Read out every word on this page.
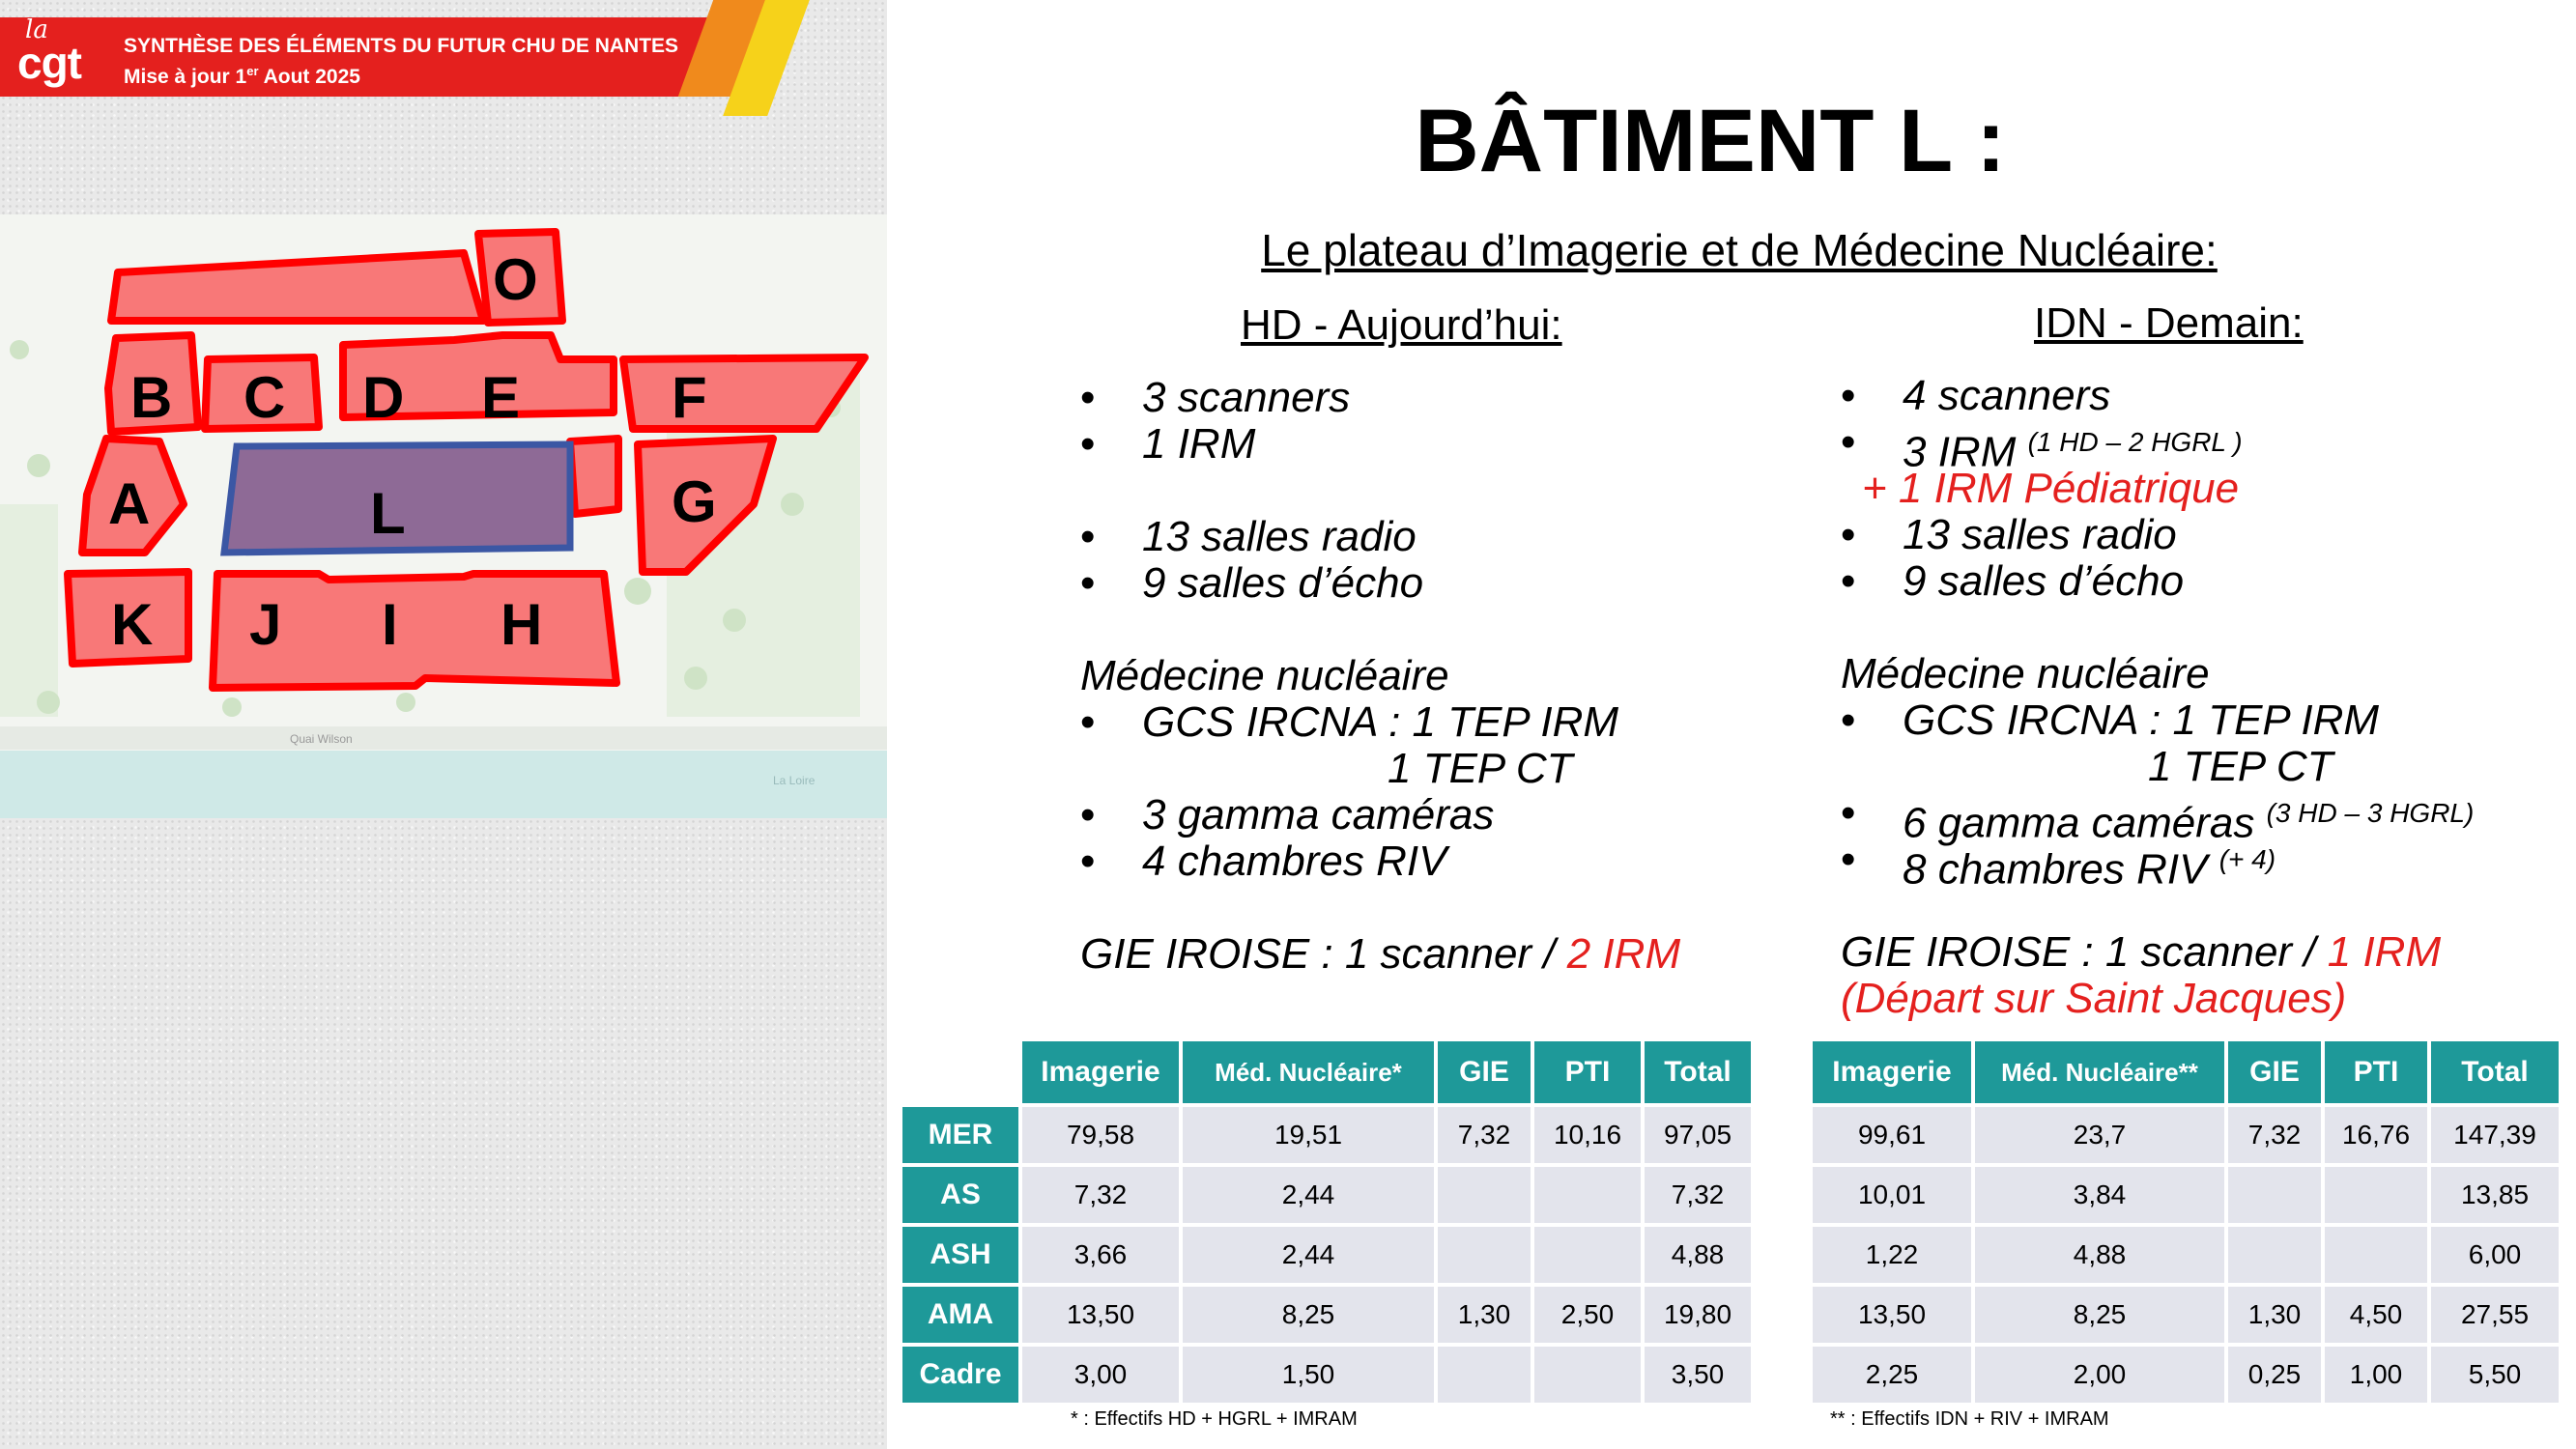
la
cgt SYNTHÈSE DES ÉLÉMENTS DU FUTUR CHU DE NANTES
Mise à jour 1er Aout 2025
Quai Wilson
La Loire
O
B C D E	F
A	L	G
K J I H
BÂTIMENT L :
Le plateau d’Imagerie et de Médecine Nucléaire:
HD - Aujourd’hui:	IDN - Demain:
• 3 scanners
• 1 IRM
• 13 salles radio
• 9 salles d’écho
Médecine nucléaire
• GCS IRCNA : 1 TEP IRM
1 TEP CT
• 3 gamma caméras
• 4 chambres RIV
GIE IROISE : 1 scanner / 2 IRM
• 4 scanners
• 3 IRM $^{(1 HD - 2 HGRL )}$
+ 1 IRM Pédiatrique
• 13 salles radio
• 9 salles d’écho
Médecine nucléaire
• GCS IRCNA : 1 TEP IRM
1 TEP CT
• 6 gamma caméras $^{(3 HD - 3 HGRL)}$
• 8 chambres RIV $^{(+ 4)}$
GIE IROISE : 1 scanner / 1 IRM
(Départ sur Saint Jacques)
	Imagerie	Méd. Nucléaire*	GIE	PTI	Total
MER	79,58	19,51	7,32	10,16	97,05
AS	7,32	2,44			7,32
ASH	3,66	2,44			4,88
AMA	13,50	8,25	1,30	2,50	19,80
Cadre	3,00	1,50			3,50
* : Effectifs HD + HGRL + IMRAM
Imagerie	Méd. Nucléaire**	GIE	PTI	Total
99,61	23,7	7,32	16,76	147,39
10,01	3,84			13,85
1,22	4,88			6,00
13,50	8,25	1,30	4,50	27,55
2,25	2,00	0,25	1,00	5,50
** : Effectifs IDN + RIV + IMRAM
